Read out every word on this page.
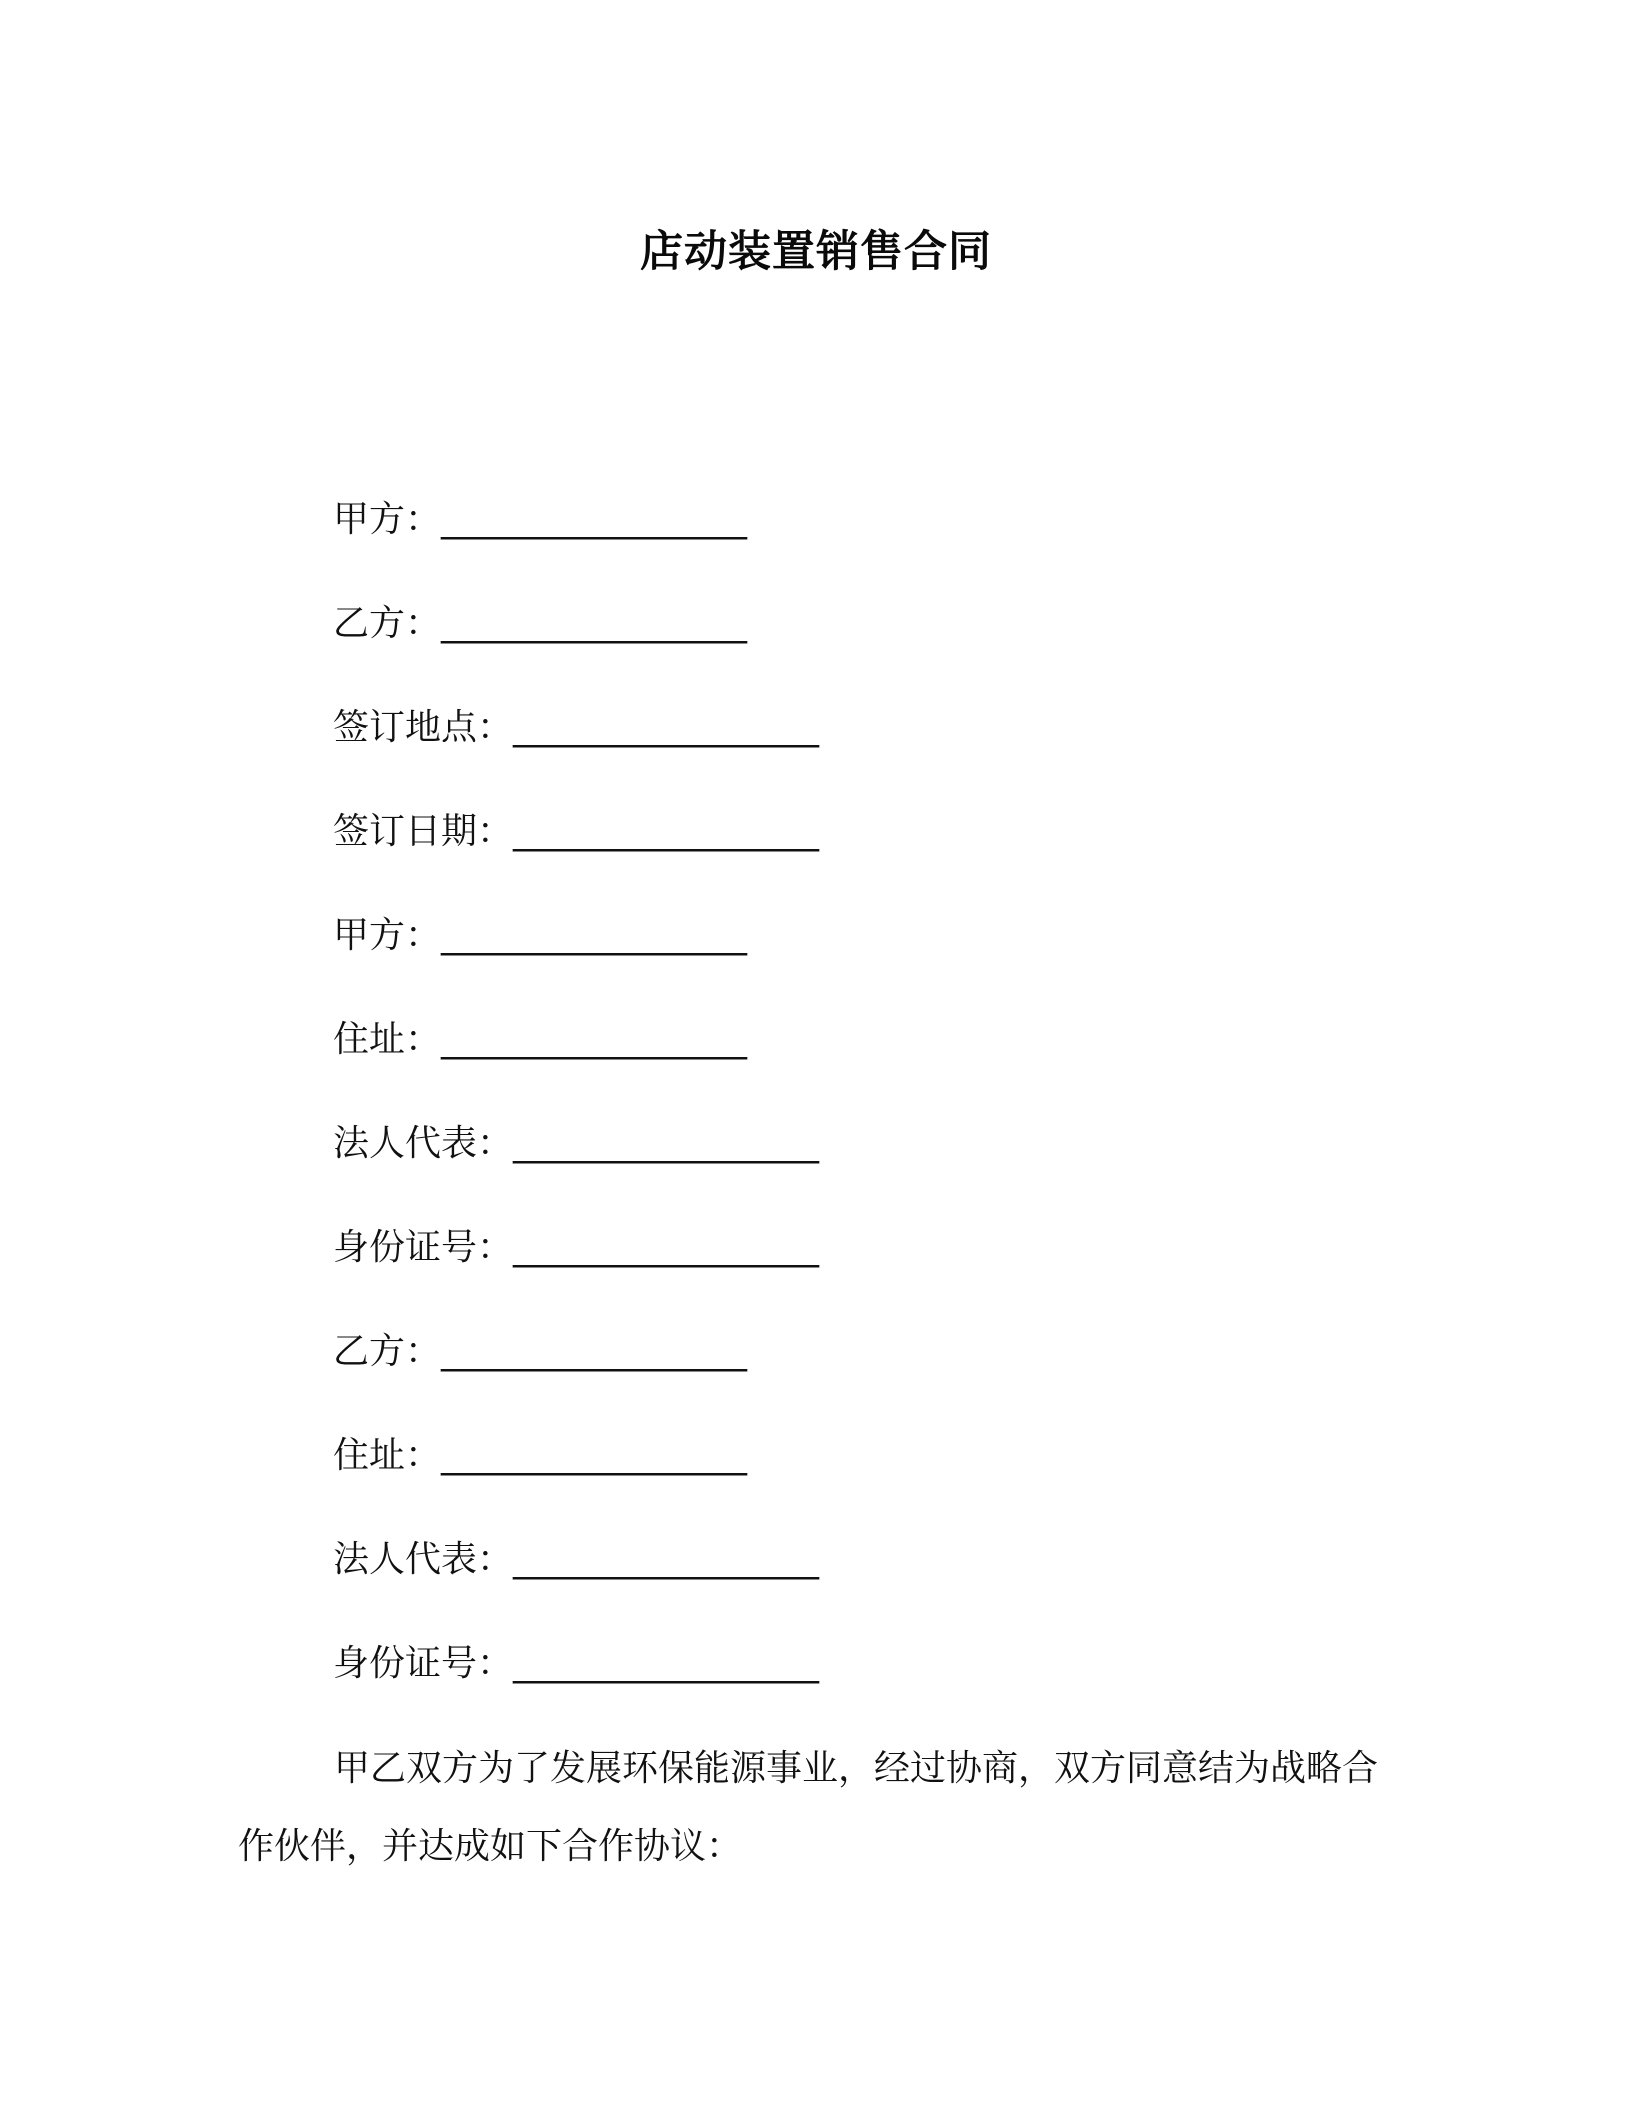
店动装置销售合同
甲方：_________________
乙方：_________________
签订地点：_________________
签订日期：_________________
甲方：_________________
住址：_________________
法人代表：_________________
身份证号：_________________
乙方：_________________
住址：_________________
法人代表：_________________
身份证号：_________________

甲乙双方为了发展环保能源事业，经过协商，双方同意结为战略合作伙伴，并达成如下合作协议：
